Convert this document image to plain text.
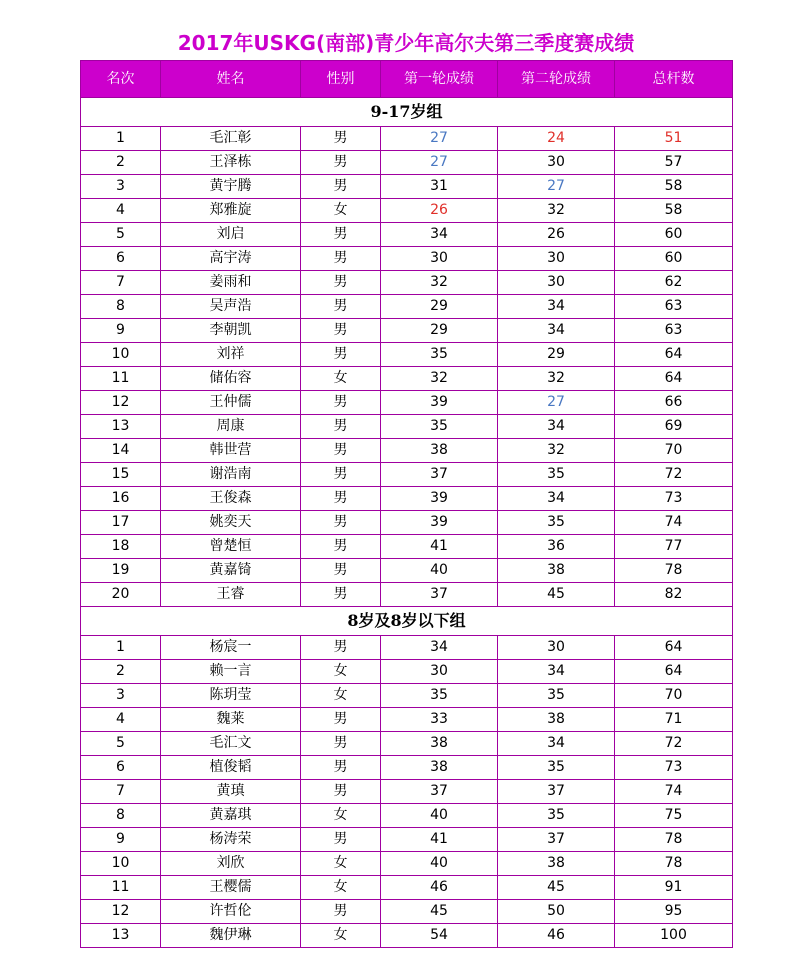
2017年USKG(南部)青少年高尔夫第三季度赛成绩
名次	姓名	性别	第一轮成绩	第二轮成绩	总杆数
9-17岁组					
1	毛汇彰	男	27	24	51
2	王泽栋	男	27	30	57
3	黄宇腾	男	31	27	58
4	郑雅旋	女	26	32	58
5	刘启	男	34	26	60
6	高宇涛	男	30	30	60
7	姜雨和	男	32	30	62
8	吴声浩	男	29	34	63
9	李朝凯	男	29	34	63
10	刘祥	男	35	29	64
11	储佑容	女	32	32	64
12	王仲儒	男	39	27	66
13	周康	男	35	34	69
14	韩世营	男	38	32	70
15	谢浩南	男	37	35	72
16	王俊森	男	39	34	73
17	姚奕天	男	39	35	74
18	曾楚恒	男	41	36	77
19	黄嘉锜	男	40	38	78
20	王睿	男	37	45	82
8岁及8岁以下组					
1	杨宸一	男	34	30	64
2	赖一言	女	30	34	64
3	陈玥莹	女	35	35	70
4	魏莱	男	33	38	71
5	毛汇文	男	38	34	72
6	植俊韬	男	38	35	73
7	黄瑱	男	37	37	74
8	黄嘉琪	女	40	35	75
9	杨涛荣	男	41	37	78
10	刘欣	女	40	38	78
11	王樱儒	女	46	45	91
12	许哲伦	男	45	50	95
13	魏伊琳	女	54	46	100
